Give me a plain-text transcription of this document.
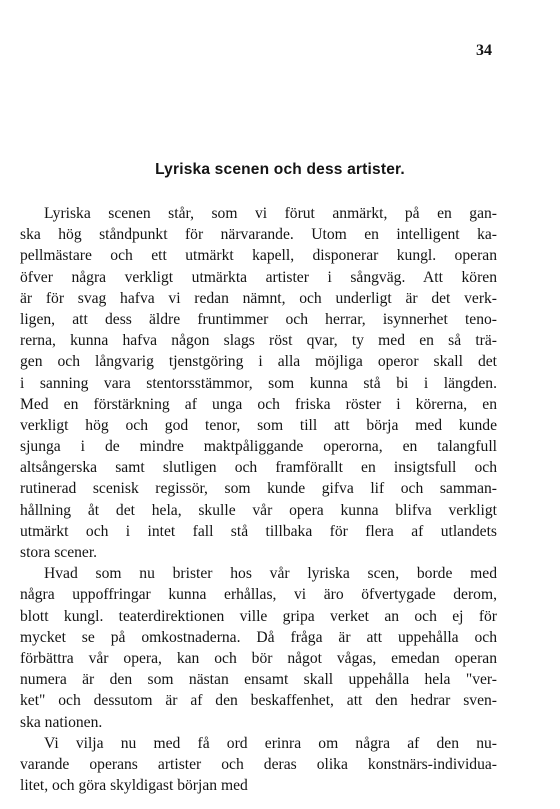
34
Lyriska scenen och dess artister.
Lyriska scenen står, som vi förut anmärkt, på en gan-
ska hög ståndpunkt för närvarande. Utom en intelligent ka-
pellmästare och ett utmärkt kapell, disponerar kungl. operan
öfver några verkligt utmärkta artister i sångväg. Att kören
är för svag hafva vi redan nämnt, och underligt är det verk-
ligen, att dess äldre fruntimmer och herrar, isynnerhet teno-
rerna, kunna hafva någon slags röst qvar, ty med en så trä-
gen och långvarig tjenstgöring i alla möjliga operor skall det
i sanning vara stentorsstämmor, som kunna stå bi i längden.
Med en förstärkning af unga och friska röster i körerna, en
verkligt hög och god tenor, som till att börja med kunde
sjunga i de mindre maktpåliggande operorna, en talangfull
altsångerska samt slutligen och framförallt en insigtsfull och
rutinerad scenisk regissör, som kunde gifva lif och samman-
hållning åt det hela, skulle vår opera kunna blifva verkligt
utmärkt och i intet fall stå tillbaka för flera af utlandets
stora scener.
Hvad som nu brister hos vår lyriska scen, borde med
några uppoffringar kunna erhållas, vi äro öfvertygade derom,
blott kungl. teaterdirektionen ville gripa verket an och ej för
mycket se på omkostnaderna. Då fråga är att uppehålla och
förbättra vår opera, kan och bör något vågas, emedan operan
numera är den som nästan ensamt skall uppehålla hela "ver-
ket" och dessutom är af den beskaffenhet, att den hedrar sven-
ska nationen.
Vi vilja nu med få ord erinra om några af den nu-
varande operans artister och deras olika konstnärs-individua-
litet, och göra skyldigast början med
